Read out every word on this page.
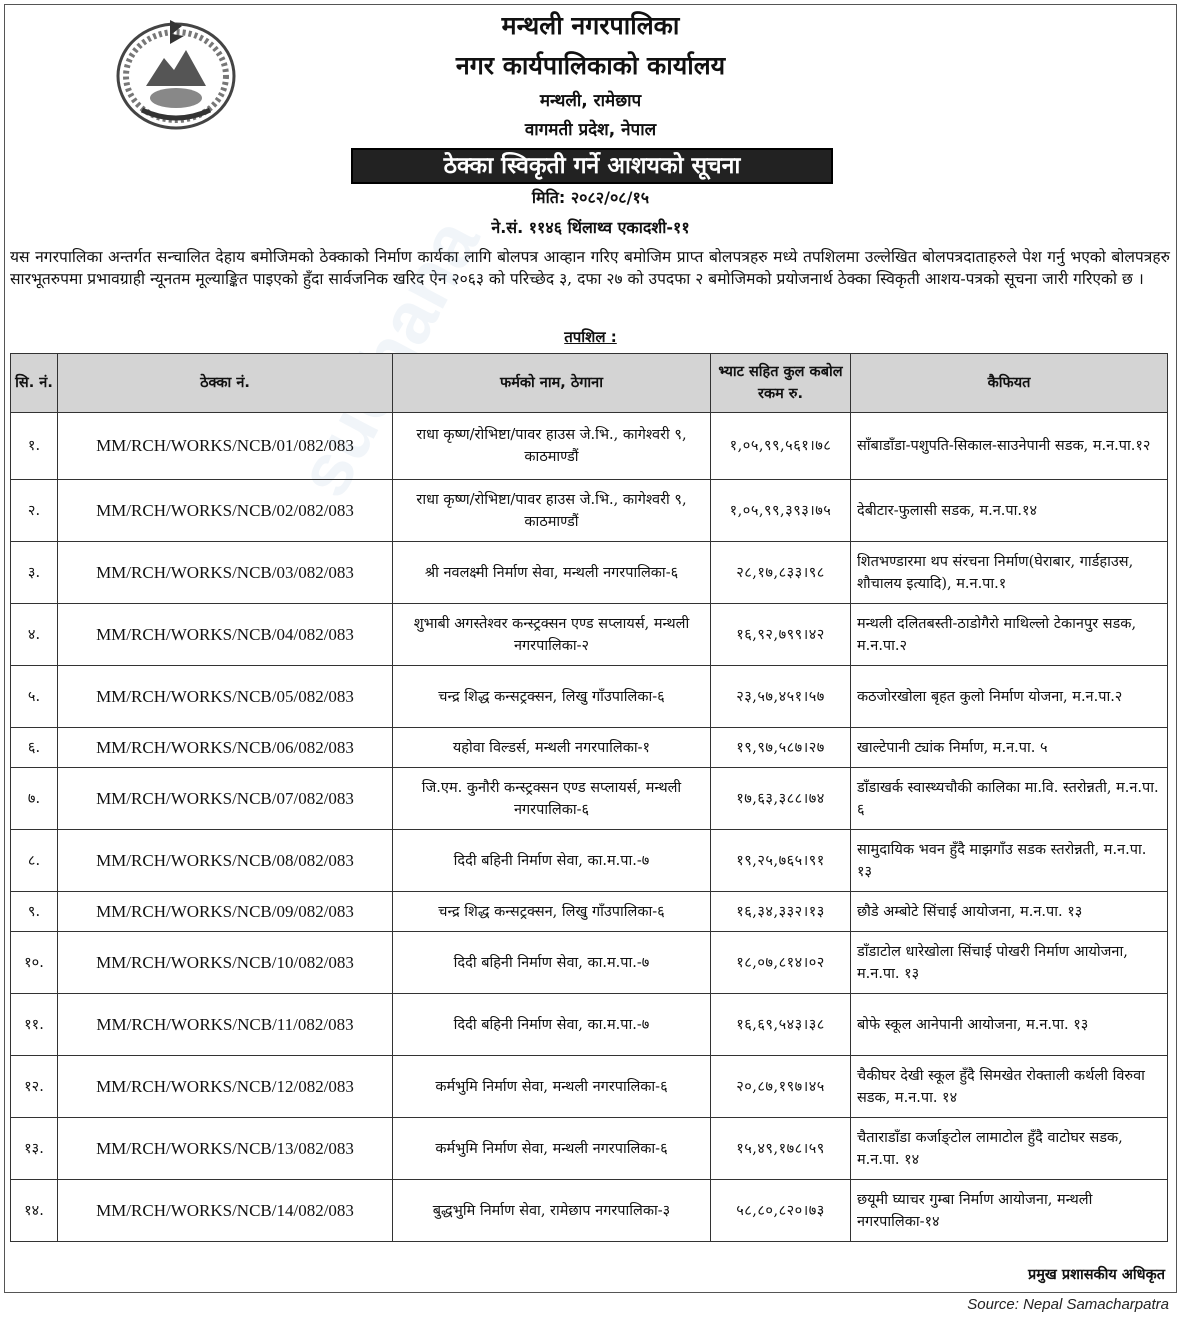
मन्थली नगरपालिका
नगर कार्यपालिकाको कार्यालय
मन्थली, रामेछाप
वागमती प्रदेश, नेपाल
ठेक्का स्विकृती गर्ने आशयको सूचना
मिति: २०८२/०८/१५
ने.सं. ११४६ थिंलाथ्व एकादशी-११
यस नगरपालिका अन्तर्गत सन्चालित देहाय बमोजिमको ठेक्काको निर्माण कार्यका लागि बोलपत्र आव्हान गरिए बमोजिम प्राप्त बोलपत्रहरु मध्ये तपशिलमा उल्लेखित बोलपत्रदाताहरुले पेश गर्नु भएको बोलपत्रहरु सारभूतरुपमा प्रभावग्राही न्यूनतम मूल्याङ्कित पाइएको हुँदा सार्वजनिक खरिद ऐन २०६३ को परिच्छेद ३, दफा २७ को उपदफा २ बमोजिमको प्रयोजनार्थ ठेक्का स्विकृती आशय-पत्रको सूचना जारी गरिएको छ ।
तपशिल :
सि. नं.	ठेक्का नं.	फर्मको नाम, ठेगाना	भ्याट सहित कुल कबोल रकम रु.	कैफियत
१.	MM/RCH/WORKS/NCB/01/082/083	राधा कृष्ण/रोभिष्टा/पावर हाउस जे.भि., कागेश्वरी ९, काठमाण्डौं	१,०५,९९,५६१।७८	साँबाडाँडा-पशुपति-सिकाल-साउनेपानी सडक, म.न.पा.१२
२.	MM/RCH/WORKS/NCB/02/082/083	राधा कृष्ण/रोभिष्टा/पावर हाउस जे.भि., कागेश्वरी ९, काठमाण्डौं	१,०५,९९,३९३।७५	देबीटार-फुलासी सडक, म.न.पा.१४
३.	MM/RCH/WORKS/NCB/03/082/083	श्री नवलक्ष्मी निर्माण सेवा, मन्थली नगरपालिका-६	२८,१७,८३३।९८	शितभण्डारमा थप संरचना निर्माण(घेराबार, गार्डहाउस, शौचालय इत्यादि), म.न.पा.१
४.	MM/RCH/WORKS/NCB/04/082/083	शुभाबी अगस्तेश्वर कन्स्ट्रक्सन एण्ड सप्लायर्स, मन्थली नगरपालिका-२	१६,९२,७९९।४२	मन्थली दलितबस्ती-ठाडोगैरो माथिल्लो टेकानपुर सडक, म.न.पा.२
५.	MM/RCH/WORKS/NCB/05/082/083	चन्द्र शिद्ध कन्सट्रक्सन, लिखु गाँउपालिका-६	२३,५७,४५१।५७	कठजोरखोला बृहत कुलो निर्माण योजना, म.न.पा.२
६.	MM/RCH/WORKS/NCB/06/082/083	यहोवा विल्डर्स, मन्थली नगरपालिका-१	१९,९७,५८७।२७	खाल्टेपानी ट्यांक निर्माण, म.न.पा. ५
७.	MM/RCH/WORKS/NCB/07/082/083	जि.एम. कुनौरी कन्स्ट्रक्सन एण्ड सप्लायर्स, मन्थली नगरपालिका-६	१७,६३,३८८।७४	डाँडाखर्क स्वास्थ्यचौकी कालिका मा.वि. स्तरोन्नती, म.न.पा. ६
८.	MM/RCH/WORKS/NCB/08/082/083	दिदी बहिनी निर्माण सेवा, का.म.पा.-७	१९,२५,७६५।९१	सामुदायिक भवन हुँदै माझगाँउ सडक स्तरोन्नती, म.न.पा. १३
९.	MM/RCH/WORKS/NCB/09/082/083	चन्द्र शिद्ध कन्सट्रक्सन, लिखु गाँउपालिका-६	१६,३४,३३२।१३	छौडे अम्बोटे सिंचाई आयोजना, म.न.पा. १३
१०.	MM/RCH/WORKS/NCB/10/082/083	दिदी बहिनी निर्माण सेवा, का.म.पा.-७	१८,०७,८१४।०२	डाँडाटोल धारेखोला सिंचाई पोखरी निर्माण आयोजना, म.न.पा. १३
११.	MM/RCH/WORKS/NCB/11/082/083	दिदी बहिनी निर्माण सेवा, का.म.पा.-७	१६,६९,५४३।३८	बोफे स्कूल आनेपानी आयोजना, म.न.पा. १३
१२.	MM/RCH/WORKS/NCB/12/082/083	कर्मभुमि निर्माण सेवा, मन्थली नगरपालिका-६	२०,८७,१९७।४५	चैकीघर देखी स्कूल हुँदै सिमखेत रोक्ताली कर्थली विरुवा सडक, म.न.पा. १४
१३.	MM/RCH/WORKS/NCB/13/082/083	कर्मभुमि निर्माण सेवा, मन्थली नगरपालिका-६	१५,४९,१७८।५९	चैताराडाँडा कर्जाङ्टोल लामाटोल हुँदै वाटोघर सडक, म.न.पा. १४
१४.	MM/RCH/WORKS/NCB/14/082/083	बुद्धभुमि निर्माण सेवा, रामेछाप नगरपालिका-३	५८,८०,८२०।७३	छयूमी घ्याचर गुम्बा निर्माण आयोजना, मन्थली नगरपालिका-१४
प्रमुख प्रशासकीय अधिकृत
Source: Nepal Samacharpatra
